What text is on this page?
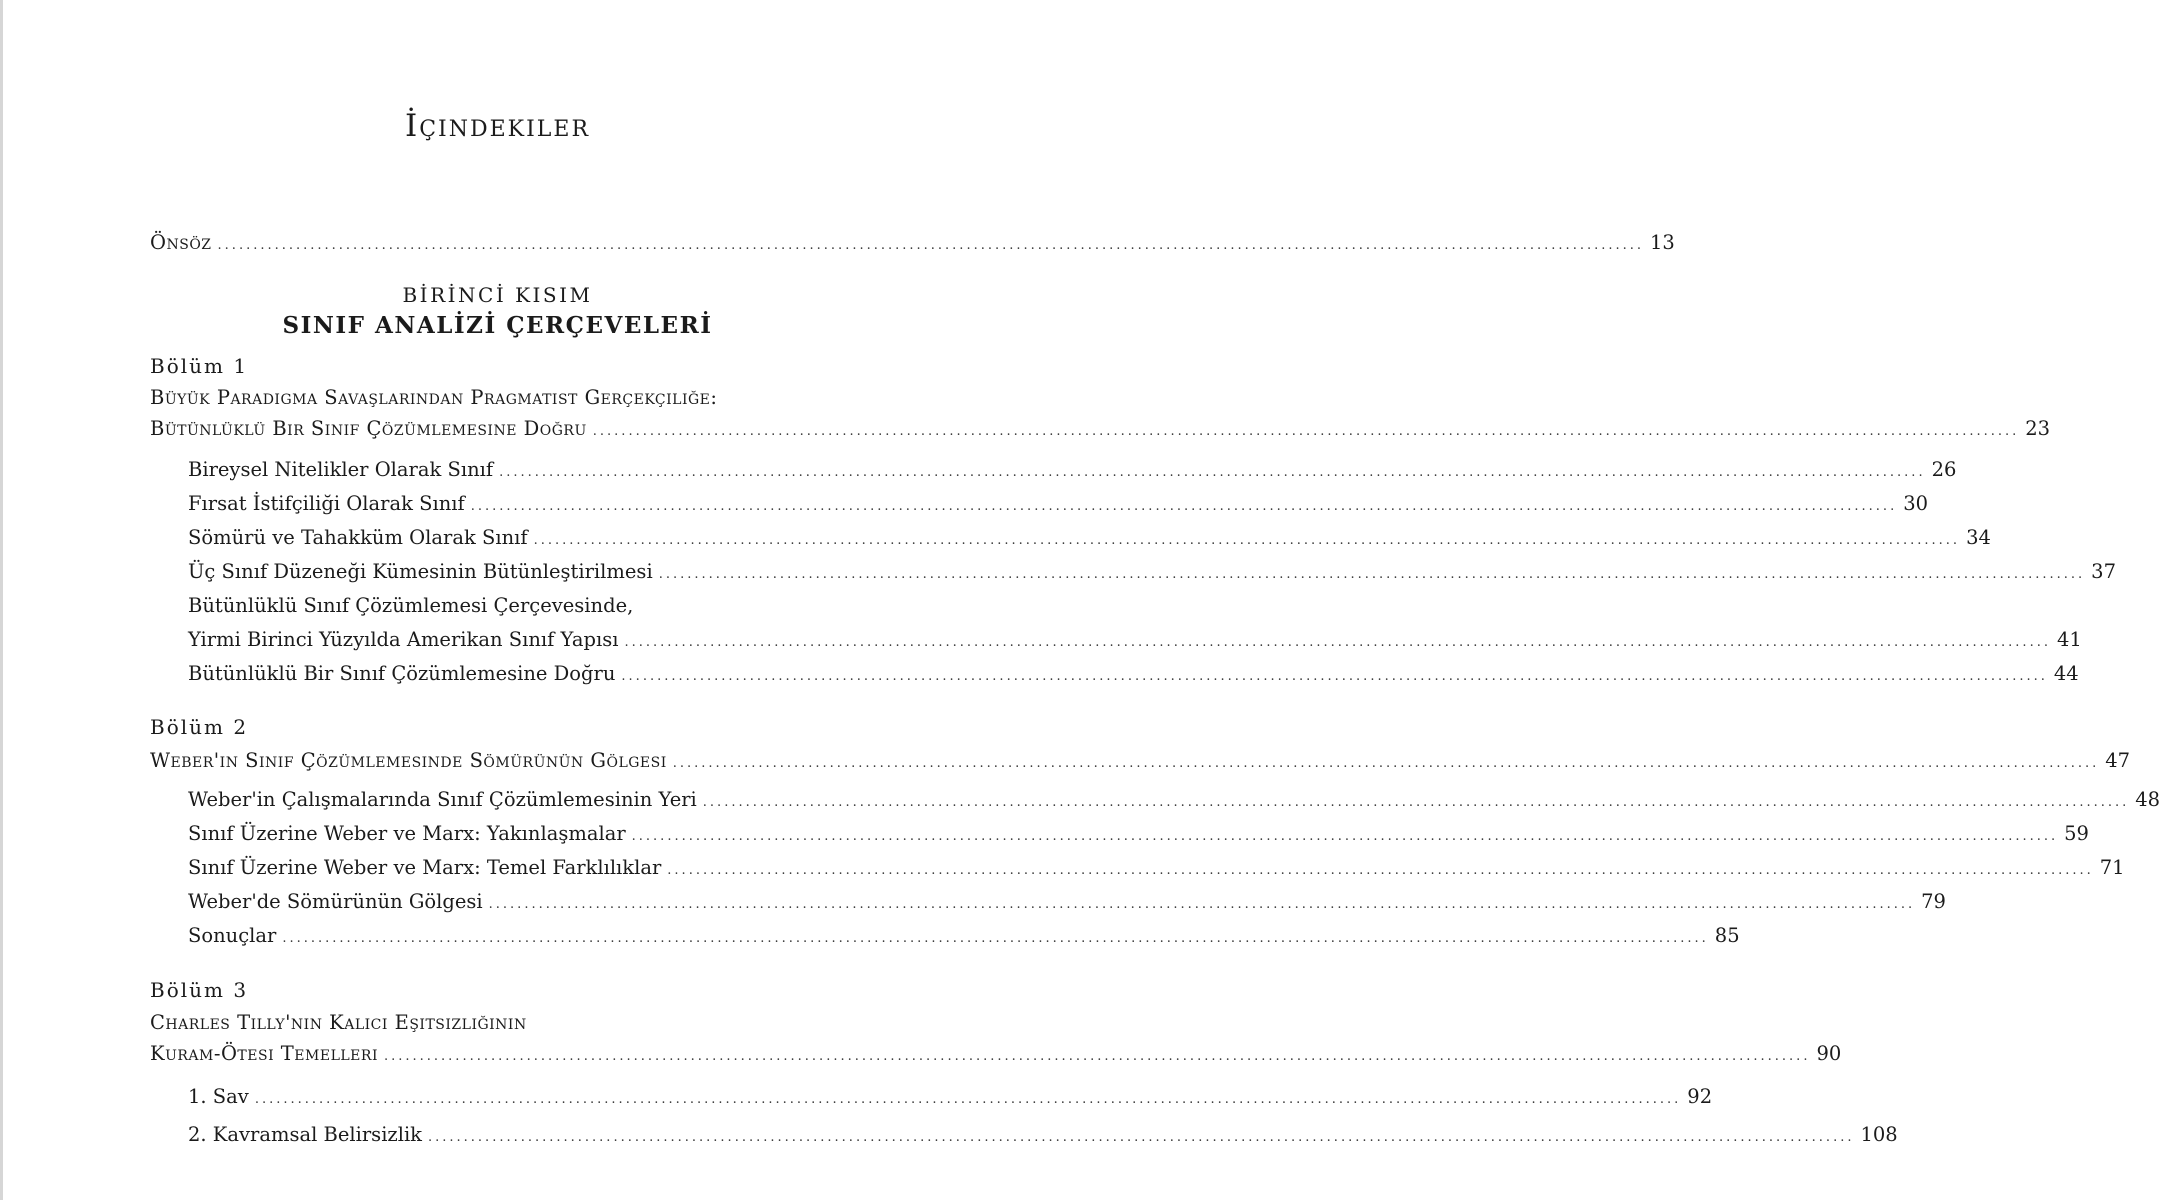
İçindekiler
Önsöz ........................................................................................................................................................................................................ 13
BİRİNCİ KISIM
SINIF ANALİZİ ÇERÇEVELERİ
Bölüm 1
Büyük Paradigma Savaşlarından Pragmatist Gerçekçiliğe:
Bütünlüklü Bir Sınıf Çözümlemesine Doğru ........................................................................................................................................................................................................ 23
Bireysel Nitelikler Olarak Sınıf ........................................................................................................................................................................................................ 26
Fırsat İstifçiliği Olarak Sınıf ........................................................................................................................................................................................................ 30
Sömürü ve Tahakküm Olarak Sınıf ........................................................................................................................................................................................................ 34
Üç Sınıf Düzeneği Kümesinin Bütünleştirilmesi ........................................................................................................................................................................................................ 37
Bütünlüklü Sınıf Çözümlemesi Çerçevesinde,
Yirmi Birinci Yüzyılda Amerikan Sınıf Yapısı ........................................................................................................................................................................................................ 41
Bütünlüklü Bir Sınıf Çözümlemesine Doğru ........................................................................................................................................................................................................ 44
Bölüm 2
Weber'in Sınıf Çözümlemesinde Sömürünün Gölgesi ........................................................................................................................................................................................................ 47
Weber'in Çalışmalarında Sınıf Çözümlemesinin Yeri ........................................................................................................................................................................................................ 48
Sınıf Üzerine Weber ve Marx: Yakınlaşmalar ........................................................................................................................................................................................................ 59
Sınıf Üzerine Weber ve Marx: Temel Farklılıklar ........................................................................................................................................................................................................ 71
Weber'de Sömürünün Gölgesi ........................................................................................................................................................................................................ 79
Sonuçlar ........................................................................................................................................................................................................ 85
Bölüm 3
Charles Tilly'nin Kalıcı Eşitsizliğinin
Kuram-Ötesi Temelleri ........................................................................................................................................................................................................ 90
1. Sav ........................................................................................................................................................................................................ 92
2. Kavramsal Belirsizlik ........................................................................................................................................................................................................ 108
